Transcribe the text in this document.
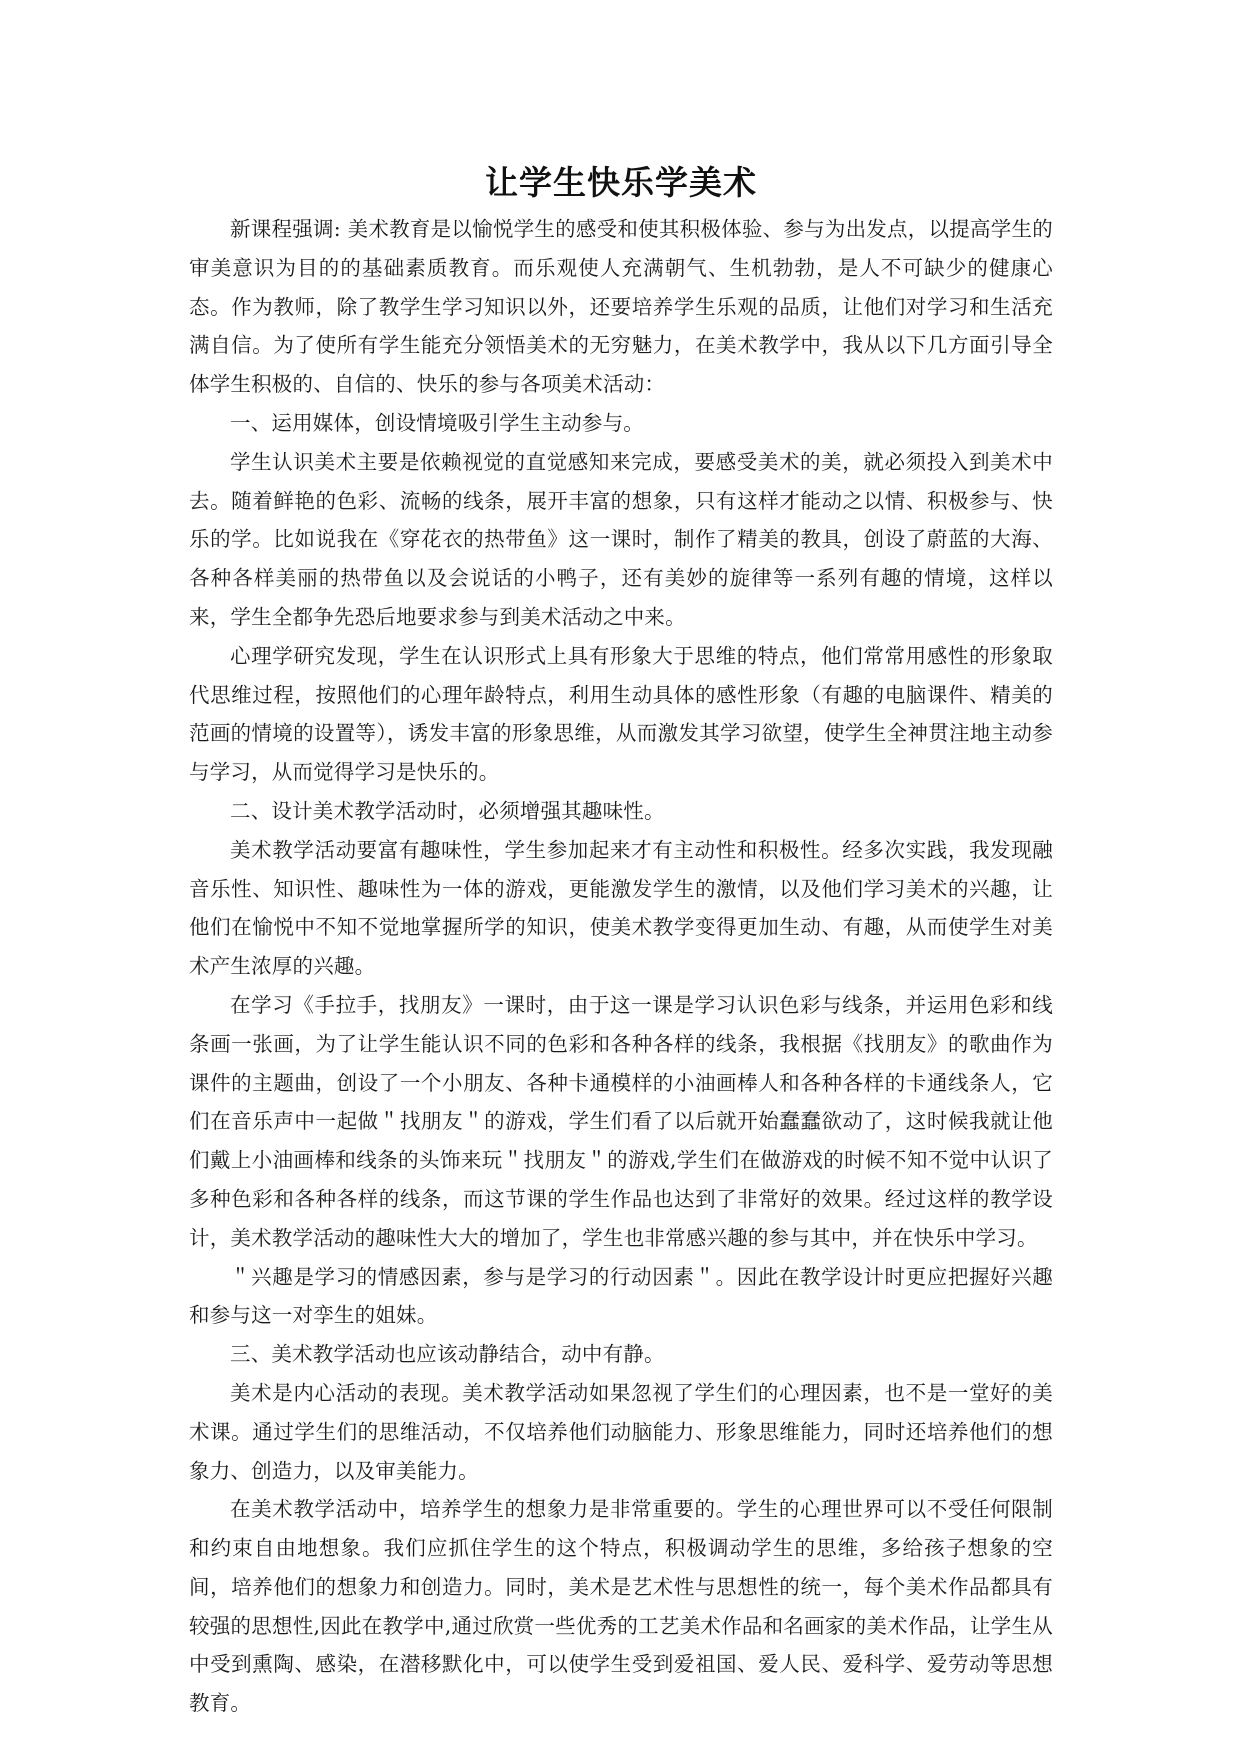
让学生快乐学美术

新课程强调: 美术教育是以愉悦学生的感受和使其积极体验、参与为出发点，以提高学生的审美意识为目的的基础素质教育。而乐观使人充满朝气、生机勃勃，是人不可缺少的健康心态。作为教师，除了教学生学习知识以外，还要培养学生乐观的品质，让他们对学习和生活充满自信。为了使所有学生能充分领悟美术的无穷魅力，在美术教学中，我从以下几方面引导全体学生积极的、自信的、快乐的参与各项美术活动：

一、运用媒体，创设情境吸引学生主动参与。

学生认识美术主要是依赖视觉的直觉感知来完成，要感受美术的美，就必须投入到美术中去。随着鲜艳的色彩、流畅的线条，展开丰富的想象，只有这样才能动之以情、积极参与、快乐的学。比如说我在《穿花衣的热带鱼》这一课时，制作了精美的教具，创设了蔚蓝的大海、各种各样美丽的热带鱼以及会说话的小鸭子，还有美妙的旋律等一系列有趣的情境，这样以来，学生全都争先恐后地要求参与到美术活动之中来。

心理学研究发现，学生在认识形式上具有形象大于思维的特点，他们常常用感性的形象取代思维过程，按照他们的心理年龄特点，利用生动具体的感性形象（有趣的电脑课件、精美的范画的情境的设置等），诱发丰富的形象思维，从而激发其学习欲望，使学生全神贯注地主动参与学习，从而觉得学习是快乐的。

二、设计美术教学活动时，必须增强其趣味性。

美术教学活动要富有趣味性，学生参加起来才有主动性和积极性。经多次实践，我发现融音乐性、知识性、趣味性为一体的游戏，更能激发学生的激情，以及他们学习美术的兴趣，让他们在愉悦中不知不觉地掌握所学的知识，使美术教学变得更加生动、有趣，从而使学生对美术产生浓厚的兴趣。

在学习《手拉手，找朋友》一课时，由于这一课是学习认识色彩与线条，并运用色彩和线条画一张画，为了让学生能认识不同的色彩和各种各样的线条，我根据《找朋友》的歌曲作为课件的主题曲，创设了一个小朋友、各种卡通模样的小油画棒人和各种各样的卡通线条人，它们在音乐声中一起做＂找朋友＂的游戏，学生们看了以后就开始蠢蠢欲动了，这时候我就让他们戴上小油画棒和线条的头饰来玩＂找朋友＂的游戏,学生们在做游戏的时候不知不觉中认识了多种色彩和各种各样的线条，而这节课的学生作品也达到了非常好的效果。经过这样的教学设计，美术教学活动的趣味性大大的增加了，学生也非常感兴趣的参与其中，并在快乐中学习。

＂兴趣是学习的情感因素，参与是学习的行动因素＂。因此在教学设计时更应把握好兴趣和参与这一对孪生的姐妹。

三、美术教学活动也应该动静结合，动中有静。

美术是内心活动的表现。美术教学活动如果忽视了学生们的心理因素，也不是一堂好的美术课。通过学生们的思维活动，不仅培养他们动脑能力、形象思维能力，同时还培养他们的想象力、创造力，以及审美能力。

在美术教学活动中，培养学生的想象力是非常重要的。学生的心理世界可以不受任何限制和约束自由地想象。我们应抓住学生的这个特点，积极调动学生的思维，多给孩子想象的空间，培养他们的想象力和创造力。同时，美术是艺术性与思想性的统一，每个美术作品都具有较强的思想性,因此在教学中,通过欣赏一些优秀的工艺美术作品和名画家的美术作品，让学生从中受到熏陶、感染，在潜移默化中，可以使学生受到爱祖国、爱人民、爱科学、爱劳动等思想教育。
